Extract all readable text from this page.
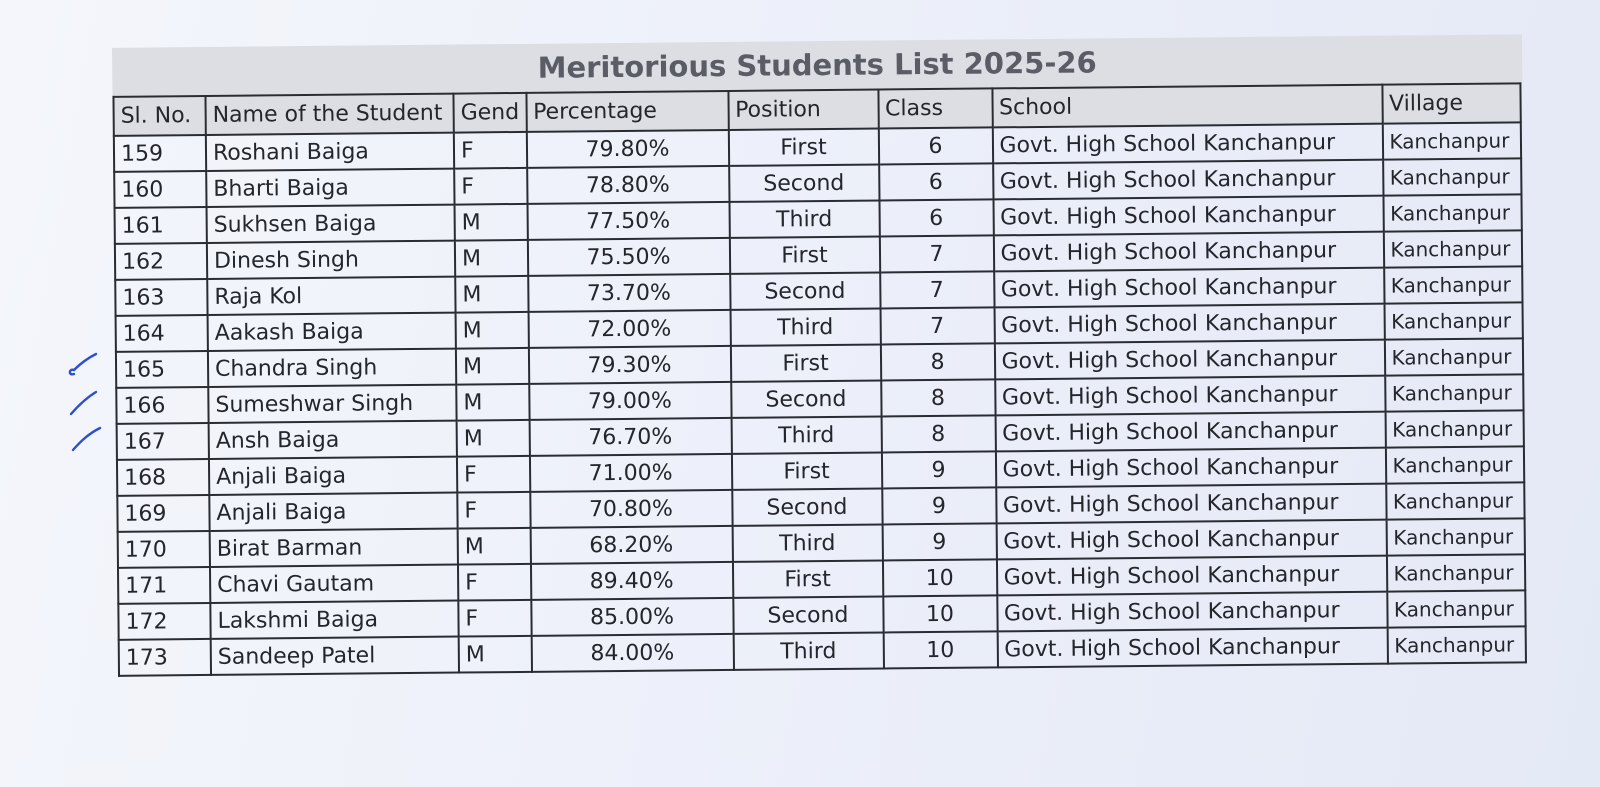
Meritorious Students List 2025-26
Sl. No.	Name of the Student	Gend	Percentage	Position	Class	School	Village
159	Roshani Baiga	F	79.80%	First	6	Govt. High School Kanchanpur	Kanchanpur
160	Bharti Baiga	F	78.80%	Second	6	Govt. High School Kanchanpur	Kanchanpur
161	Sukhsen Baiga	M	77.50%	Third	6	Govt. High School Kanchanpur	Kanchanpur
162	Dinesh Singh	M	75.50%	First	7	Govt. High School Kanchanpur	Kanchanpur
163	Raja Kol	M	73.70%	Second	7	Govt. High School Kanchanpur	Kanchanpur
164	Aakash Baiga	M	72.00%	Third	7	Govt. High School Kanchanpur	Kanchanpur
165	Chandra Singh	M	79.30%	First	8	Govt. High School Kanchanpur	Kanchanpur
166	Sumeshwar Singh	M	79.00%	Second	8	Govt. High School Kanchanpur	Kanchanpur
167	Ansh Baiga	M	76.70%	Third	8	Govt. High School Kanchanpur	Kanchanpur
168	Anjali Baiga	F	71.00%	First	9	Govt. High School Kanchanpur	Kanchanpur
169	Anjali Baiga	F	70.80%	Second	9	Govt. High School Kanchanpur	Kanchanpur
170	Birat Barman	M	68.20%	Third	9	Govt. High School Kanchanpur	Kanchanpur
171	Chavi Gautam	F	89.40%	First	10	Govt. High School Kanchanpur	Kanchanpur
172	Lakshmi Baiga	F	85.00%	Second	10	Govt. High School Kanchanpur	Kanchanpur
173	Sandeep Patel	M	84.00%	Third	10	Govt. High School Kanchanpur	Kanchanpur
